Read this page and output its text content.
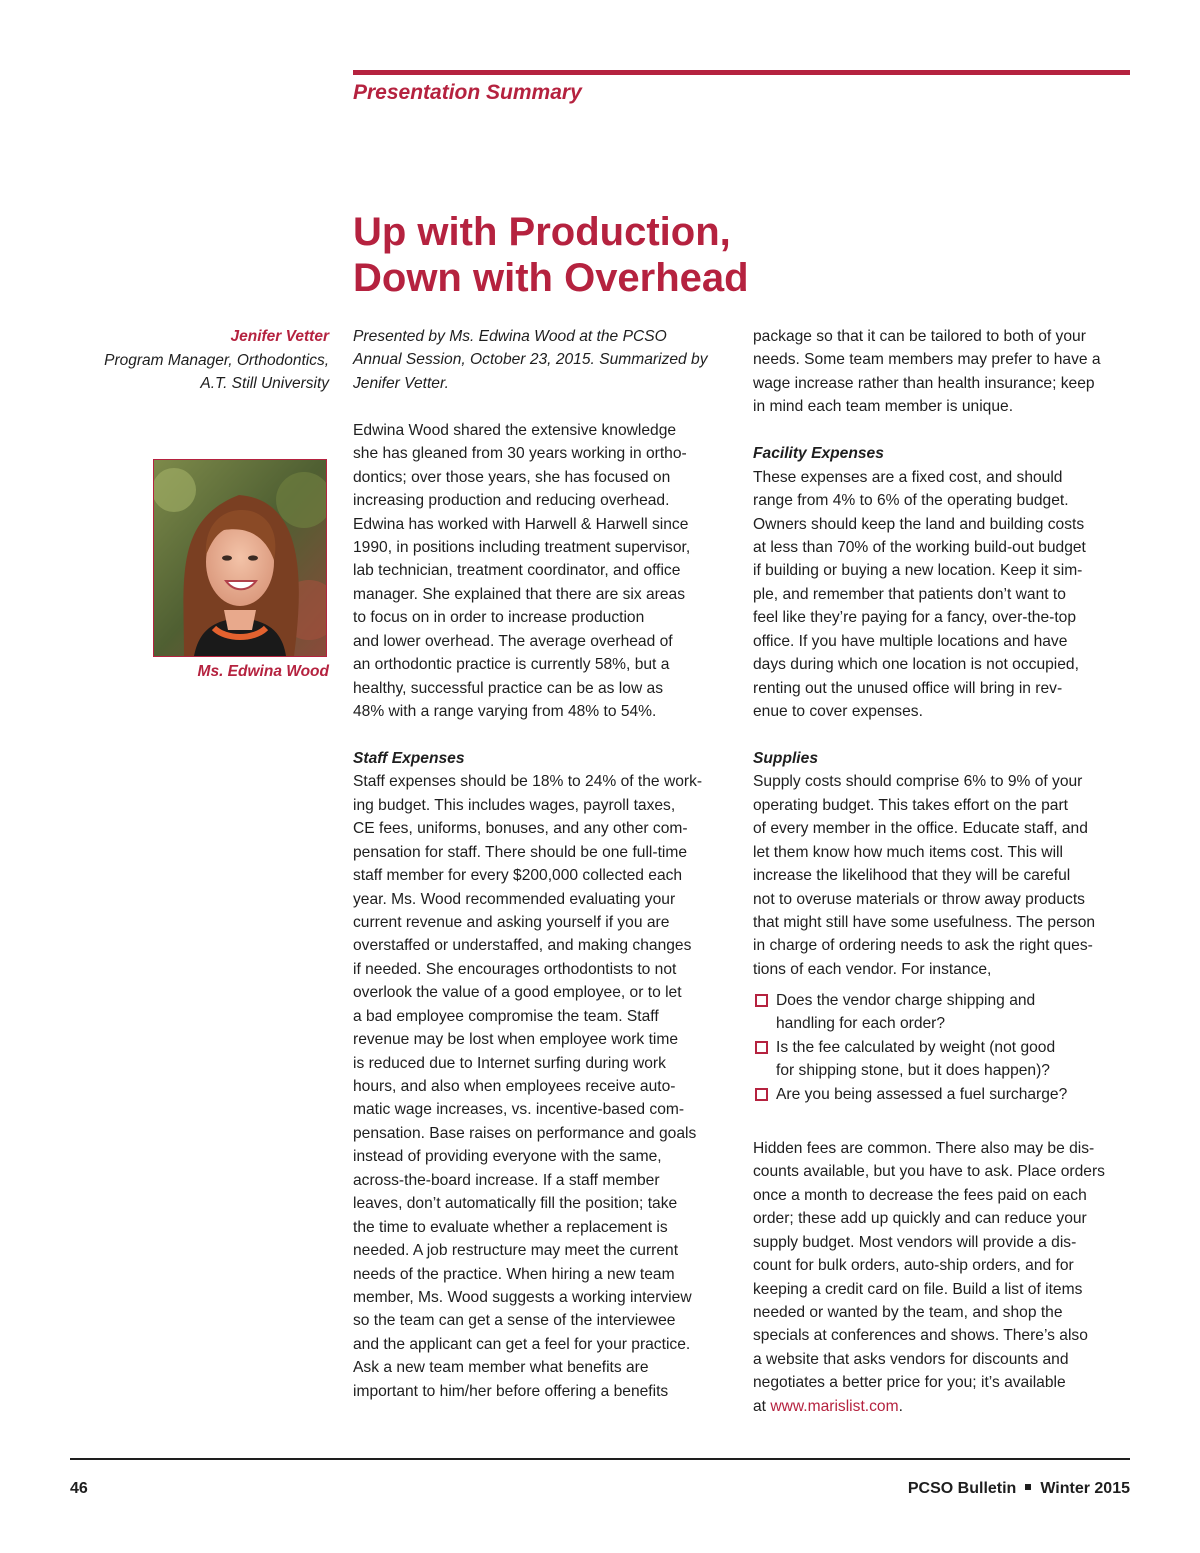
Presentation Summary
Up with Production,
Down with Overhead
Jenifer Vetter
Program Manager, Orthodontics,
A.T. Still University
Ms. Edwina Wood
Presented by Ms. Edwina Wood at the PCSO
Annual Session, October 23, 2015. Summarized by
Jenifer Vetter.
Edwina Wood shared the extensive knowledge
she has gleaned from 30 years working in ortho-
dontics; over those years, she has focused on
increasing production and reducing overhead.
Edwina has worked with Harwell & Harwell since
1990, in positions including treatment supervisor,
lab technician, treatment coordinator, and office
manager. She explained that there are six areas
to focus on in order to increase production
and lower overhead. The average overhead of
an orthodontic practice is currently 58%, but a
healthy, successful practice can be as low as
48% with a range varying from 48% to 54%.
Staff Expenses
Staff expenses should be 18% to 24% of the work-
ing budget. This includes wages, payroll taxes,
CE fees, uniforms, bonuses, and any other com-
pensation for staff. There should be one full-time
staff member for every $200,000 collected each
year. Ms. Wood recommended evaluating your
current revenue and asking yourself if you are
overstaffed or understaffed, and making changes
if needed. She encourages orthodontists to not
overlook the value of a good employee, or to let
a bad employee compromise the team. Staff
revenue may be lost when employee work time
is reduced due to Internet surfing during work
hours, and also when employees receive auto-
matic wage increases, vs. incentive-based com-
pensation. Base raises on performance and goals
instead of providing everyone with the same,
across-the-board increase. If a staff member
leaves, don’t automatically fill the position; take
the time to evaluate whether a replacement is
needed. A job restructure may meet the current
needs of the practice. When hiring a new team
member, Ms. Wood suggests a working interview
so the team can get a sense of the interviewee
and the applicant can get a feel for your practice.
Ask a new team member what benefits are
important to him/her before offering a benefits
package so that it can be tailored to both of your
needs. Some team members may prefer to have a
wage increase rather than health insurance; keep
in mind each team member is unique.
Facility Expenses
These expenses are a fixed cost, and should
range from 4% to 6% of the operating budget.
Owners should keep the land and building costs
at less than 70% of the working build-out budget
if building or buying a new location. Keep it sim-
ple, and remember that patients don’t want to
feel like they’re paying for a fancy, over-the-top
office. If you have multiple locations and have
days during which one location is not occupied,
renting out the unused office will bring in rev-
enue to cover expenses.
Supplies
Supply costs should comprise 6% to 9% of your
operating budget. This takes effort on the part
of every member in the office. Educate staff, and
let them know how much items cost. This will
increase the likelihood that they will be careful
not to overuse materials or throw away products
that might still have some usefulness. The person
in charge of ordering needs to ask the right ques-
tions of each vendor. For instance,
Does the vendor charge shipping and
handling for each order?
Is the fee calculated by weight (not good
for shipping stone, but it does happen)?
Are you being assessed a fuel surcharge?
Hidden fees are common. There also may be dis-
counts available, but you have to ask. Place orders
once a month to decrease the fees paid on each
order; these add up quickly and can reduce your
supply budget. Most vendors will provide a dis-
count for bulk orders, auto-ship orders, and for
keeping a credit card on file. Build a list of items
needed or wanted by the team, and shop the
specials at conferences and shows. There’s also
a website that asks vendors for discounts and
negotiates a better price for you; it’s available
at www.marislist.com.
46	PCSO Bulletin Winter 2015
